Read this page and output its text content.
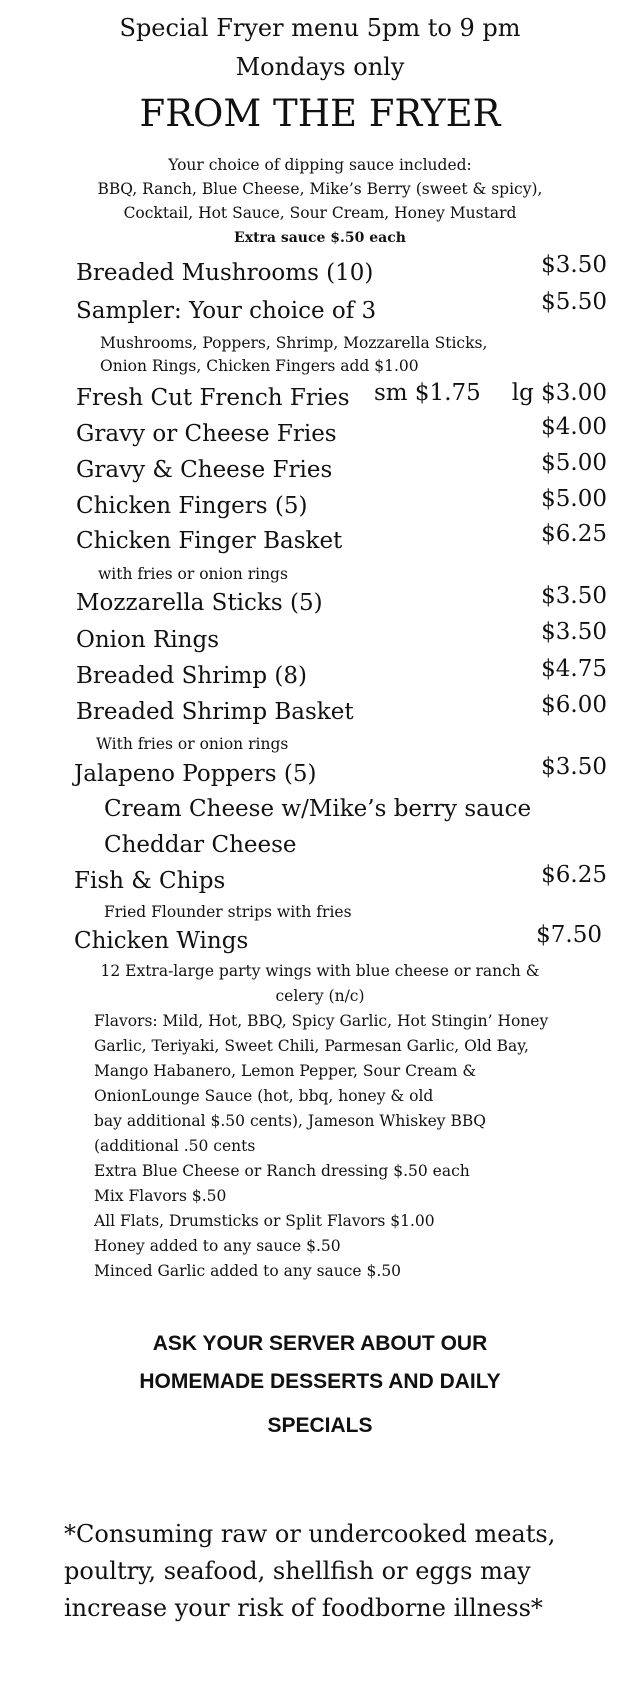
Special Fryer menu 5pm to 9 pm
Mondays only
FROM THE FRYER
Your choice of dipping sauce included:
BBQ, Ranch, Blue Cheese, Mike’s Berry (sweet & spicy),
Cocktail, Hot Sauce, Sour Cream, Honey Mustard
Extra sauce $.50 each
Breaded Mushrooms (10)	$3.50
Sampler: Your choice of 3	$5.50
Mushrooms, Poppers, Shrimp, Mozzarella Sticks,
Onion Rings, Chicken Fingers add $1.00
Fresh Cut French Fries sm $1.75 lg $3.00
Gravy or Cheese Fries	$4.00
Gravy & Cheese Fries	$5.00
Chicken Fingers (5)	$5.00
Chicken Finger Basket	$6.25
with fries or onion rings
Mozzarella Sticks (5)	$3.50
Onion Rings	$3.50
Breaded Shrimp (8)	$4.75
Breaded Shrimp Basket	$6.00
With fries or onion rings
Jalapeno Poppers (5)	$3.50
Cream Cheese w/Mike’s berry sauce
Cheddar Cheese
Fish & Chips	$6.25
Fried Flounder strips with fries
Chicken Wings	$7.50
12 Extra-large party wings with blue cheese or ranch &
celery (n/c)
Flavors: Mild, Hot, BBQ, Spicy Garlic, Hot Stingin’ Honey
Garlic, Teriyaki, Sweet Chili, Parmesan Garlic, Old Bay,
Mango Habanero, Lemon Pepper, Sour Cream &
OnionLounge Sauce (hot, bbq, honey & old
bay additional $.50 cents), Jameson Whiskey BBQ
(additional .50 cents
Extra Blue Cheese or Ranch dressing $.50 each
Mix Flavors $.50
All Flats, Drumsticks or Split Flavors $1.00
Honey added to any sauce $.50
Minced Garlic added to any sauce $.50
ASK YOUR SERVER ABOUT OUR
HOMEMADE DESSERTS AND DAILY
SPECIALS
*Consuming raw or undercooked meats,
poultry, seafood, shellfish or eggs may
increase your risk of foodborne illness*
